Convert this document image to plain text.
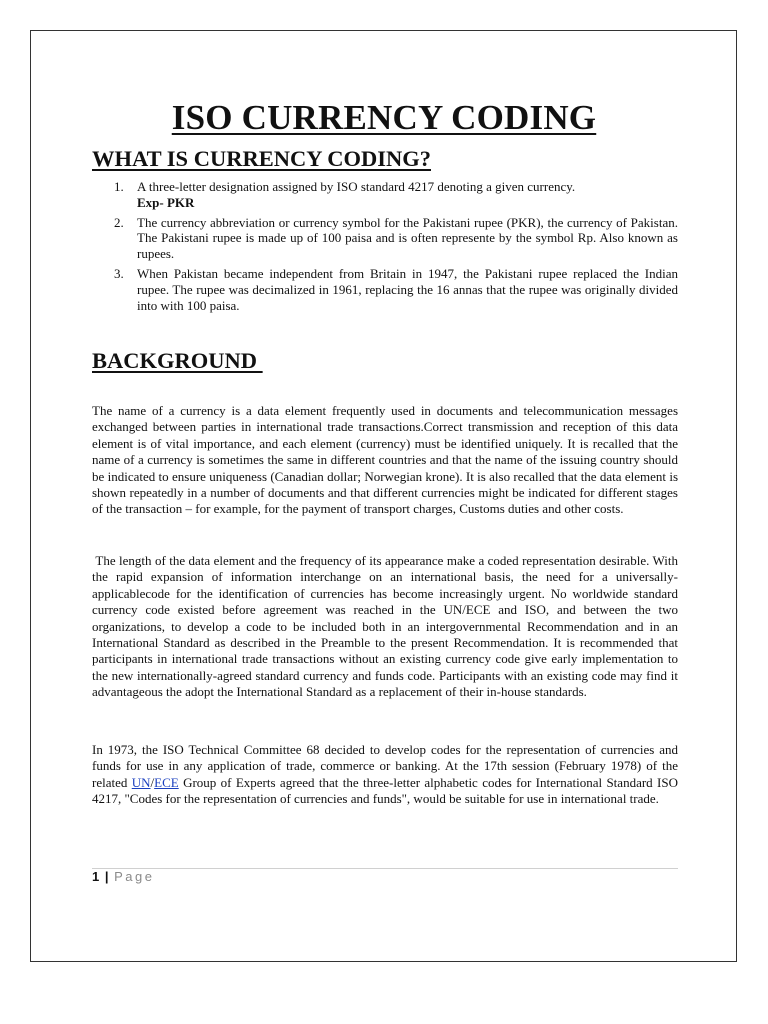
ISO CURRENCY CODING
WHAT IS CURRENCY CODING?
1. A three-letter designation assigned by ISO standard 4217 denoting a given currency.
Exp- PKR
2. The currency abbreviation or currency symbol for the Pakistani rupee (PKR), the currency of Pakistan. The Pakistani rupee is made up of 100 paisa and is often represente by the symbol Rp. Also known as rupees.
3. When Pakistan became independent from Britain in 1947, the Pakistani rupee replaced the Indian rupee. The rupee was decimalized in 1961, replacing the 16 annas that the rupee was originally divided into with 100 paisa.
BACKGROUND

The name of a currency is a data element frequently used in documents and telecommunication messages exchanged between parties in international trade transactions.Correct transmission and reception of this data element is of vital importance, and each element (currency) must be identified uniquely. It is recalled that the name of a currency is sometimes the same in different countries and that the name of the issuing country should be indicated to ensure uniqueness (Canadian dollar; Norwegian krone). It is also recalled that the data element is shown repeatedly in a number of documents and that different currencies might be indicated for different stages of the transaction – for example, for the payment of transport charges, Customs duties and other costs.

The length of the data element and the frequency of its appearance make a coded representation desirable. With the rapid expansion of information interchange on an international basis, the need for a universally-applicablecode for the identification of currencies has become increasingly urgent. No worldwide standard currency code existed before agreement was reached in the UN/ECE and ISO, and between the two organizations, to develop a code to be included both in an intergovernmental Recommendation and in an International Standard as described in the Preamble to the present Recommendation. It is recommended that participants in international trade transactions without an existing currency code give early implementation to the new internationally-agreed standard currency and funds code. Participants with an existing code may find it advantageous the adopt the International Standard as a replacement of their in-house standards.

In 1973, the ISO Technical Committee 68 decided to develop codes for the representation of currencies and funds for use in any application of trade, commerce or banking. At the 17th session (February 1978) of the related UN/ECE Group of Experts agreed that the three-letter alphabetic codes for International Standard ISO 4217, "Codes for the representation of currencies and funds", would be suitable for use in international trade.

1 | Page
